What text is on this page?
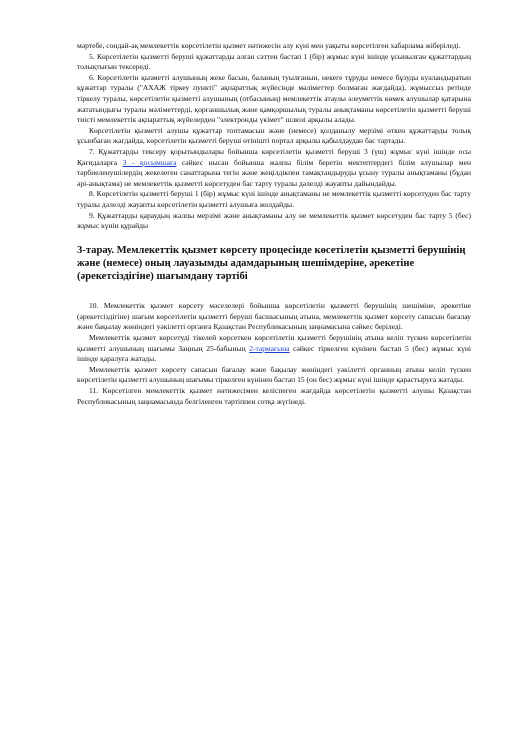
мәртебе, сондай-ақ мемлекеттік көрсетілетін қызмет нәтижесін алу күні мен уақыты көрсетілген хабарлама жіберіледі.

5. Көрсетілетін қызметті беруші құжаттарды алған сәттен бастап 1 (бір) жұмыс күні ішінде ұсынылған құжаттардың толықтығын тексереді.

6. Көрсетілетін қызметті алушының жеке басын, баланың туылғанын, некеге тұруды немесе бұзуды куәландыратын құжаттар туралы ("АХАЖ тіркеу пункті" ақпараттық жүйесінде мәліметтер болмаған жағдайда), жұмыссыз ретінде тіркелу туралы, көрсетілетін қызметті алушының (отбасының) мемлекеттік атаулы әлеуметтік көмек алушылар қатарына жататындығы туралы мәліметтерді, қорғаншылық және қамқоршылық туралы анықтаманы көрсетілетін қызметті беруші тиісті мемлекеттік ақпараттық жүйелерден "электронды үкімет" шлюзі арқылы алады.

Көрсетілетін қызметті алушы құжаттар топтамасын және (немесе) қолданылу мерзімі өткен құжаттарды толық ұсынбаған жағдайда, көрсетілетін қызметті беруші өтінішті портал арқылы қабылдаудан бас тартады.

7. Құжаттарды тексеру қорытындылары бойынша көрсетілетін қызметті беруші 3 (үш) жұмыс күні ішінде осы Қағидаларға 3 - қосымшаға сәйкес нысан бойынша жалпы білім беретін мектептердегі білім алушылар мен тәрбиеленушілердің жекелеген санаттарына тегін және жеңілдікпен тамақтандыруды ұсыну туралы анықтаманы (бұдан әрі-анықтама) не мемлекеттік қызметті көрсетуден бас тарту туралы дәлелді жауапты дайындайды.

8. Көрсетілетін қызметті беруші 1 (бір) жұмыс күні ішінде анықтаманы не мемлекеттік қызметті көрсетуден бас тарту туралы дәлелді жауапты көрсетілетін қызметті алушыға жолдайды.

9. Құжаттарды қараудың жалпы мерзімі және анықтаманы алу не мемлекеттік қызмет көрсетуден бас тарту 5 (бес) жұмыс күнін құрайды

3-тарау. Мемлекеттік қызмет көрсету процесінде көсетілетін қызметті берушінің және (немесе) оның лауазымды адамдарының шешімдеріне, әрекетіне (әрекетсіздігіне) шағымдану тәртібі

10. Мемлекеттік қызмет көрсету мәселелері бойынша көрсетілетін қызметті берушінің шешіміне, әрекетіне (әрекетсіздігіне) шағым көрсетілетін қызметті беруші басшысының атына, мемлекеттік қызмет көрсету сапасын бағалау және бақылау жөніндегі уәкілетті органға Қазақстан Республикасының заңнамасына сәйкес беріледі.

Мемлекеттік қызмет көрсетуді тікелей көрсеткен көрсетілетін қызметті берушінің атына келіп түскен көрсетілетін қызметті алушының шағымы Заңның 25-бабының 2-тармағына сәйкес тіркелген күнінен бастап 5 (бес) жұмыс күні ішінде қаралуға жатады.

Мемлекеттік қызмет көрсету сапасын бағалау және бақылау жөніндегі уәкілетті органның атына келіп түскен көрсетілетін қызметті алушының шағымы тіркелген күнінен бастап 15 (он бес) жұмыс күні ішінде қарастыруға жатады.

11. Көрсетілген мемлекеттік қызмет нәтижесімен келіспеген жағдайда көрсетілетін қызметті алушы Қазақстан Республикасының заңнамасында белгіленген тәртіппен сотқа жүгінеді.
